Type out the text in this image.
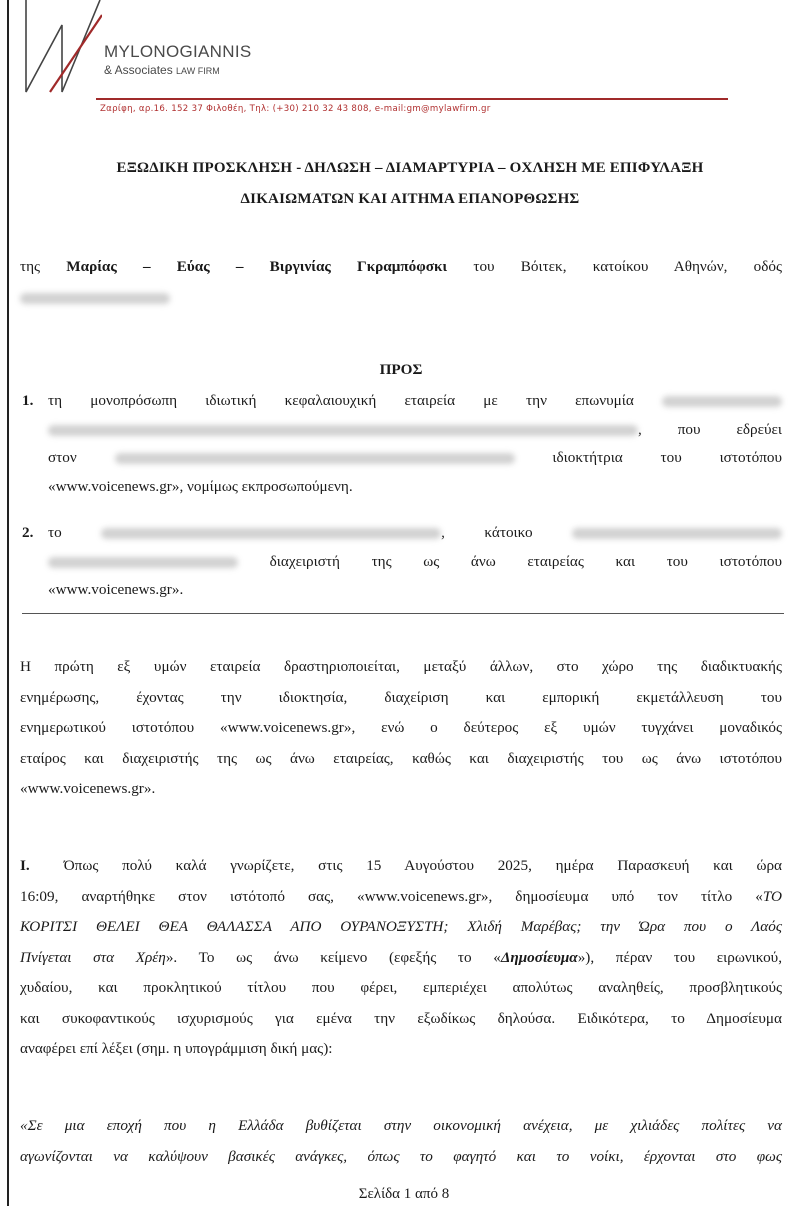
MYLONOGIANNIS
& Associates LAW FIRM
Ζαρίφη, αρ.16. 152 37 Φιλοθέη, Τηλ: (+30) 210 32 43 808, e-mail:gm@mylawfirm.gr
ΕΞΩΔΙΚΗ ΠΡΟΣΚΛΗΣΗ - ΔΗΛΩΣΗ – ΔΙΑΜΑΡΤΥΡΙΑ – ΟΧΛΗΣΗ ΜΕ ΕΠΙΦΥΛΑΞΗ
ΔΙΚΑΙΩΜΑΤΩΝ ΚΑΙ ΑΙΤΗΜΑ ΕΠΑΝΟΡΘΩΣΗΣ
της Μαρίας – Εύας – Βιργινίας Γκραμπόφσκι του Βόιτεκ, κατοίκου Αθηνών, οδός
ΠΡΟΣ
1. τη μονοπρόσωπη ιδιωτική κεφαλαιουχική εταιρεία με την επωνυμία
, που εδρεύει
στον	ιδιοκτήτρια του ιστοτόπου
«www.voicenews.gr», νομίμως εκπροσωπούμενη.
2. το	, κάτοικο
διαχειριστή της ως άνω εταιρείας και του ιστοτόπου
«www.voicenews.gr».
Η πρώτη εξ υμών εταιρεία δραστηριοποιείται, μεταξύ άλλων, στο χώρο της διαδικτυακής
ενημέρωσης, έχοντας την ιδιοκτησία, διαχείριση και εμπορική εκμετάλλευση του
ενημερωτικού ιστοτόπου «www.voicenews.gr», ενώ ο δεύτερος εξ υμών τυγχάνει μοναδικός
εταίρος και διαχειριστής της ως άνω εταιρείας, καθώς και διαχειριστής του ως άνω ιστοτόπου
«www.voicenews.gr».
I. Όπως πολύ καλά γνωρίζετε, στις 15 Αυγούστου 2025, ημέρα Παρασκευή και ώρα
16:09, αναρτήθηκε στον ιστότοπό σας, «www.voicenews.gr», δημοσίευμα υπό τον τίτλο «ΤΟ
ΚΟΡΙΤΣΙ ΘΕΛΕΙ ΘΕΑ ΘΑΛΑΣΣΑ ΑΠΟ ΟΥΡΑΝΟΞΥΣΤΗ; Χλιδή Μαρέβας; την Ώρα που ο Λαός
Πνίγεται στα Χρέη». Το ως άνω κείμενο (εφεξής το «Δημοσίευμα»), πέραν του ειρωνικού,
χυδαίου, και προκλητικού τίτλου που φέρει, εμπεριέχει απολύτως αναληθείς, προσβλητικούς
και συκοφαντικούς ισχυρισμούς για εμένα την εξωδίκως δηλούσα. Ειδικότερα, το Δημοσίευμα
αναφέρει επί λέξει (σημ. η υπογράμμιση δική μας):
«Σε μια εποχή που η Ελλάδα βυθίζεται στην οικονομική ανέχεια, με χιλιάδες πολίτες να
αγωνίζονται να καλύψουν βασικές ανάγκες, όπως το φαγητό και το νοίκι, έρχονται στο φως
Σελίδα 1 από 8
